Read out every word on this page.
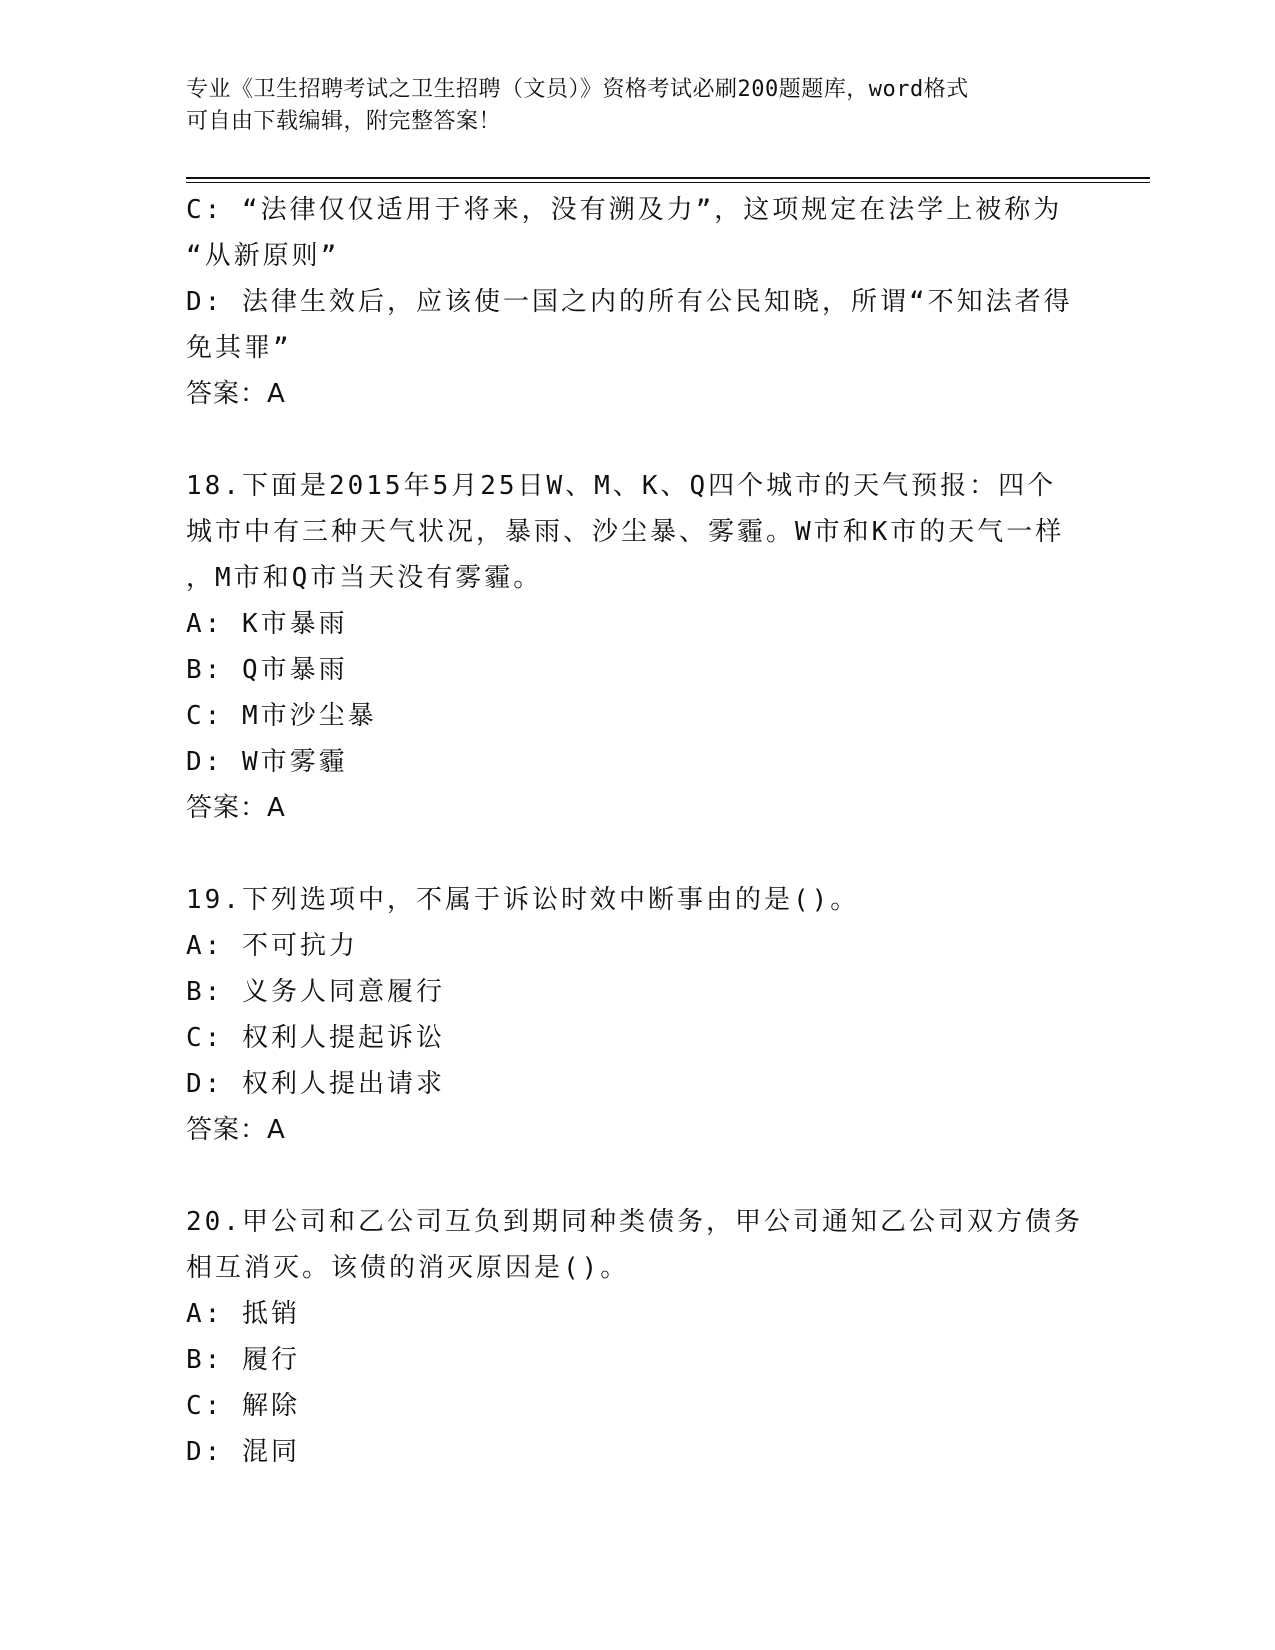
专业《卫生招聘考试之卫生招聘（文员）》资格考试必刷200题题库，word格式
可自由下载编辑，附完整答案！
C: “法律仅仅适用于将来，没有溯及力”，这项规定在法学上被称为
“从新原则”
D: 法律生效后，应该使一国之内的所有公民知晓，所谓“不知法者得
免其罪”
答案：A
18.下面是2015年5月25日W、M、K、Q四个城市的天气预报：四个
城市中有三种天气状况，暴雨、沙尘暴、雾霾。W市和K市的天气一样
，M市和Q市当天没有雾霾。
A: K市暴雨
B: Q市暴雨
C: M市沙尘暴
D: W市雾霾
答案：A
19.下列选项中，不属于诉讼时效中断事由的是()。
A: 不可抗力
B: 义务人同意履行
C: 权利人提起诉讼
D: 权利人提出请求
答案：A
20.甲公司和乙公司互负到期同种类债务，甲公司通知乙公司双方债务
相互消灭。该债的消灭原因是()。
A: 抵销
B: 履行
C: 解除
D: 混同
